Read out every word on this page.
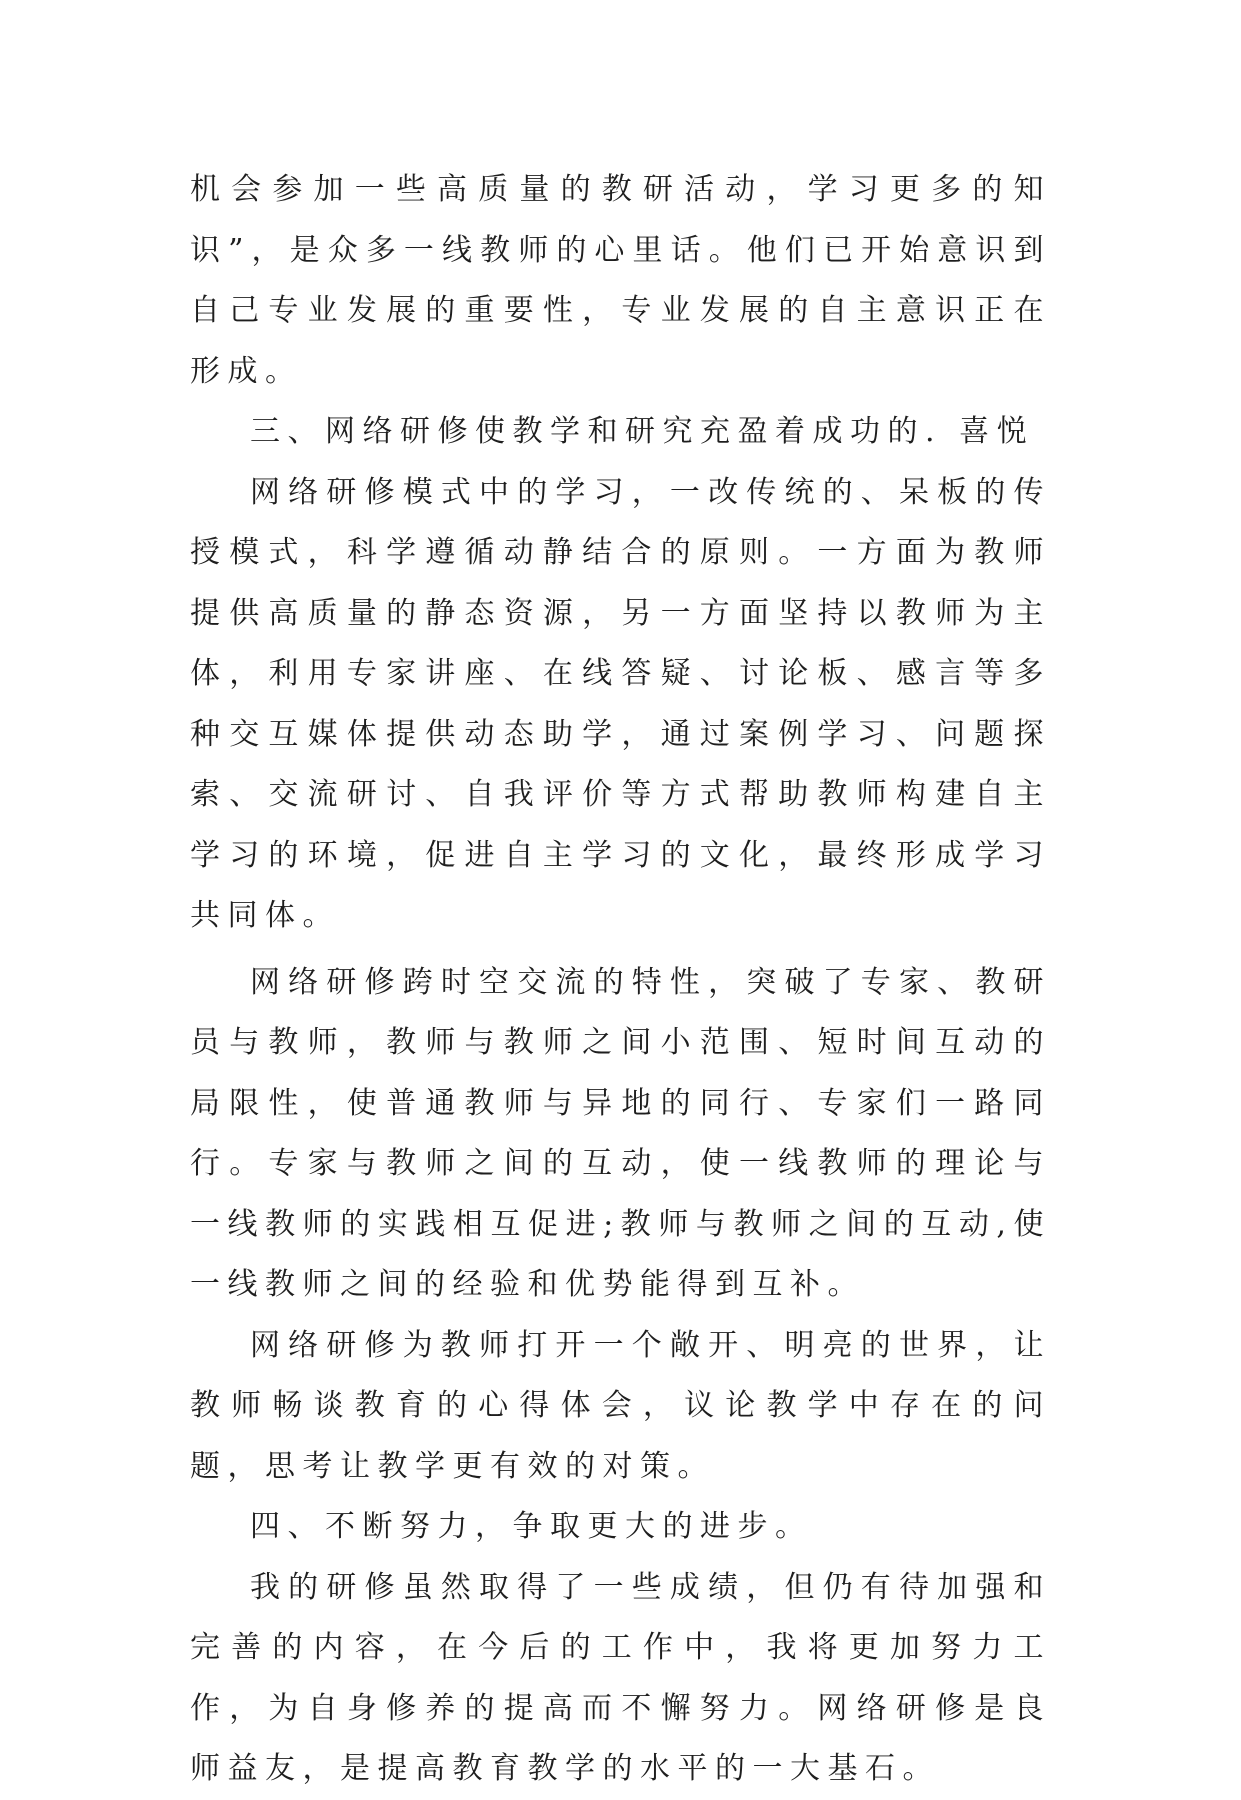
机会参加一些高质量的教研活动，学习更多的知识”，是众多一线教师的心里话。他们已开始意识到自己专业发展的重要性，专业发展的自主意识正在形成。

三、网络研修使教学和研究充盈着成功的. 喜悦

网络研修模式中的学习，一改传统的、呆板的传授模式，科学遵循动静结合的原则。一方面为教师提供高质量的静态资源，另一方面坚持以教师为主体，利用专家讲座、在线答疑、讨论板、感言等多种交互媒体提供动态助学，通过案例学习、问题探索、交流研讨、自我评价等方式帮助教师构建自主学习的环境，促进自主学习的文化，最终形成学习共同体。

网络研修跨时空交流的特性，突破了专家、教研员与教师，教师与教师之间小范围、短时间互动的局限性，使普通教师与异地的同行、专家们一路同行。专家与教师之间的互动，使一线教师的理论与一线教师的实践相互促进;教师与教师之间的互动,使一线教师之间的经验和优势能得到互补。

网络研修为教师打开一个敞开、明亮的世界，让教师畅谈教育的心得体会，议论教学中存在的问题，思考让教学更有效的对策。

四、不断努力，争取更大的进步。

我的研修虽然取得了一些成绩，但仍有待加强和完善的内容，在今后的工作中，我将更加努力工作，为自身修养的提高而不懈努力。网络研修是良师益友，是提高教育教学的水平的一大基石。
